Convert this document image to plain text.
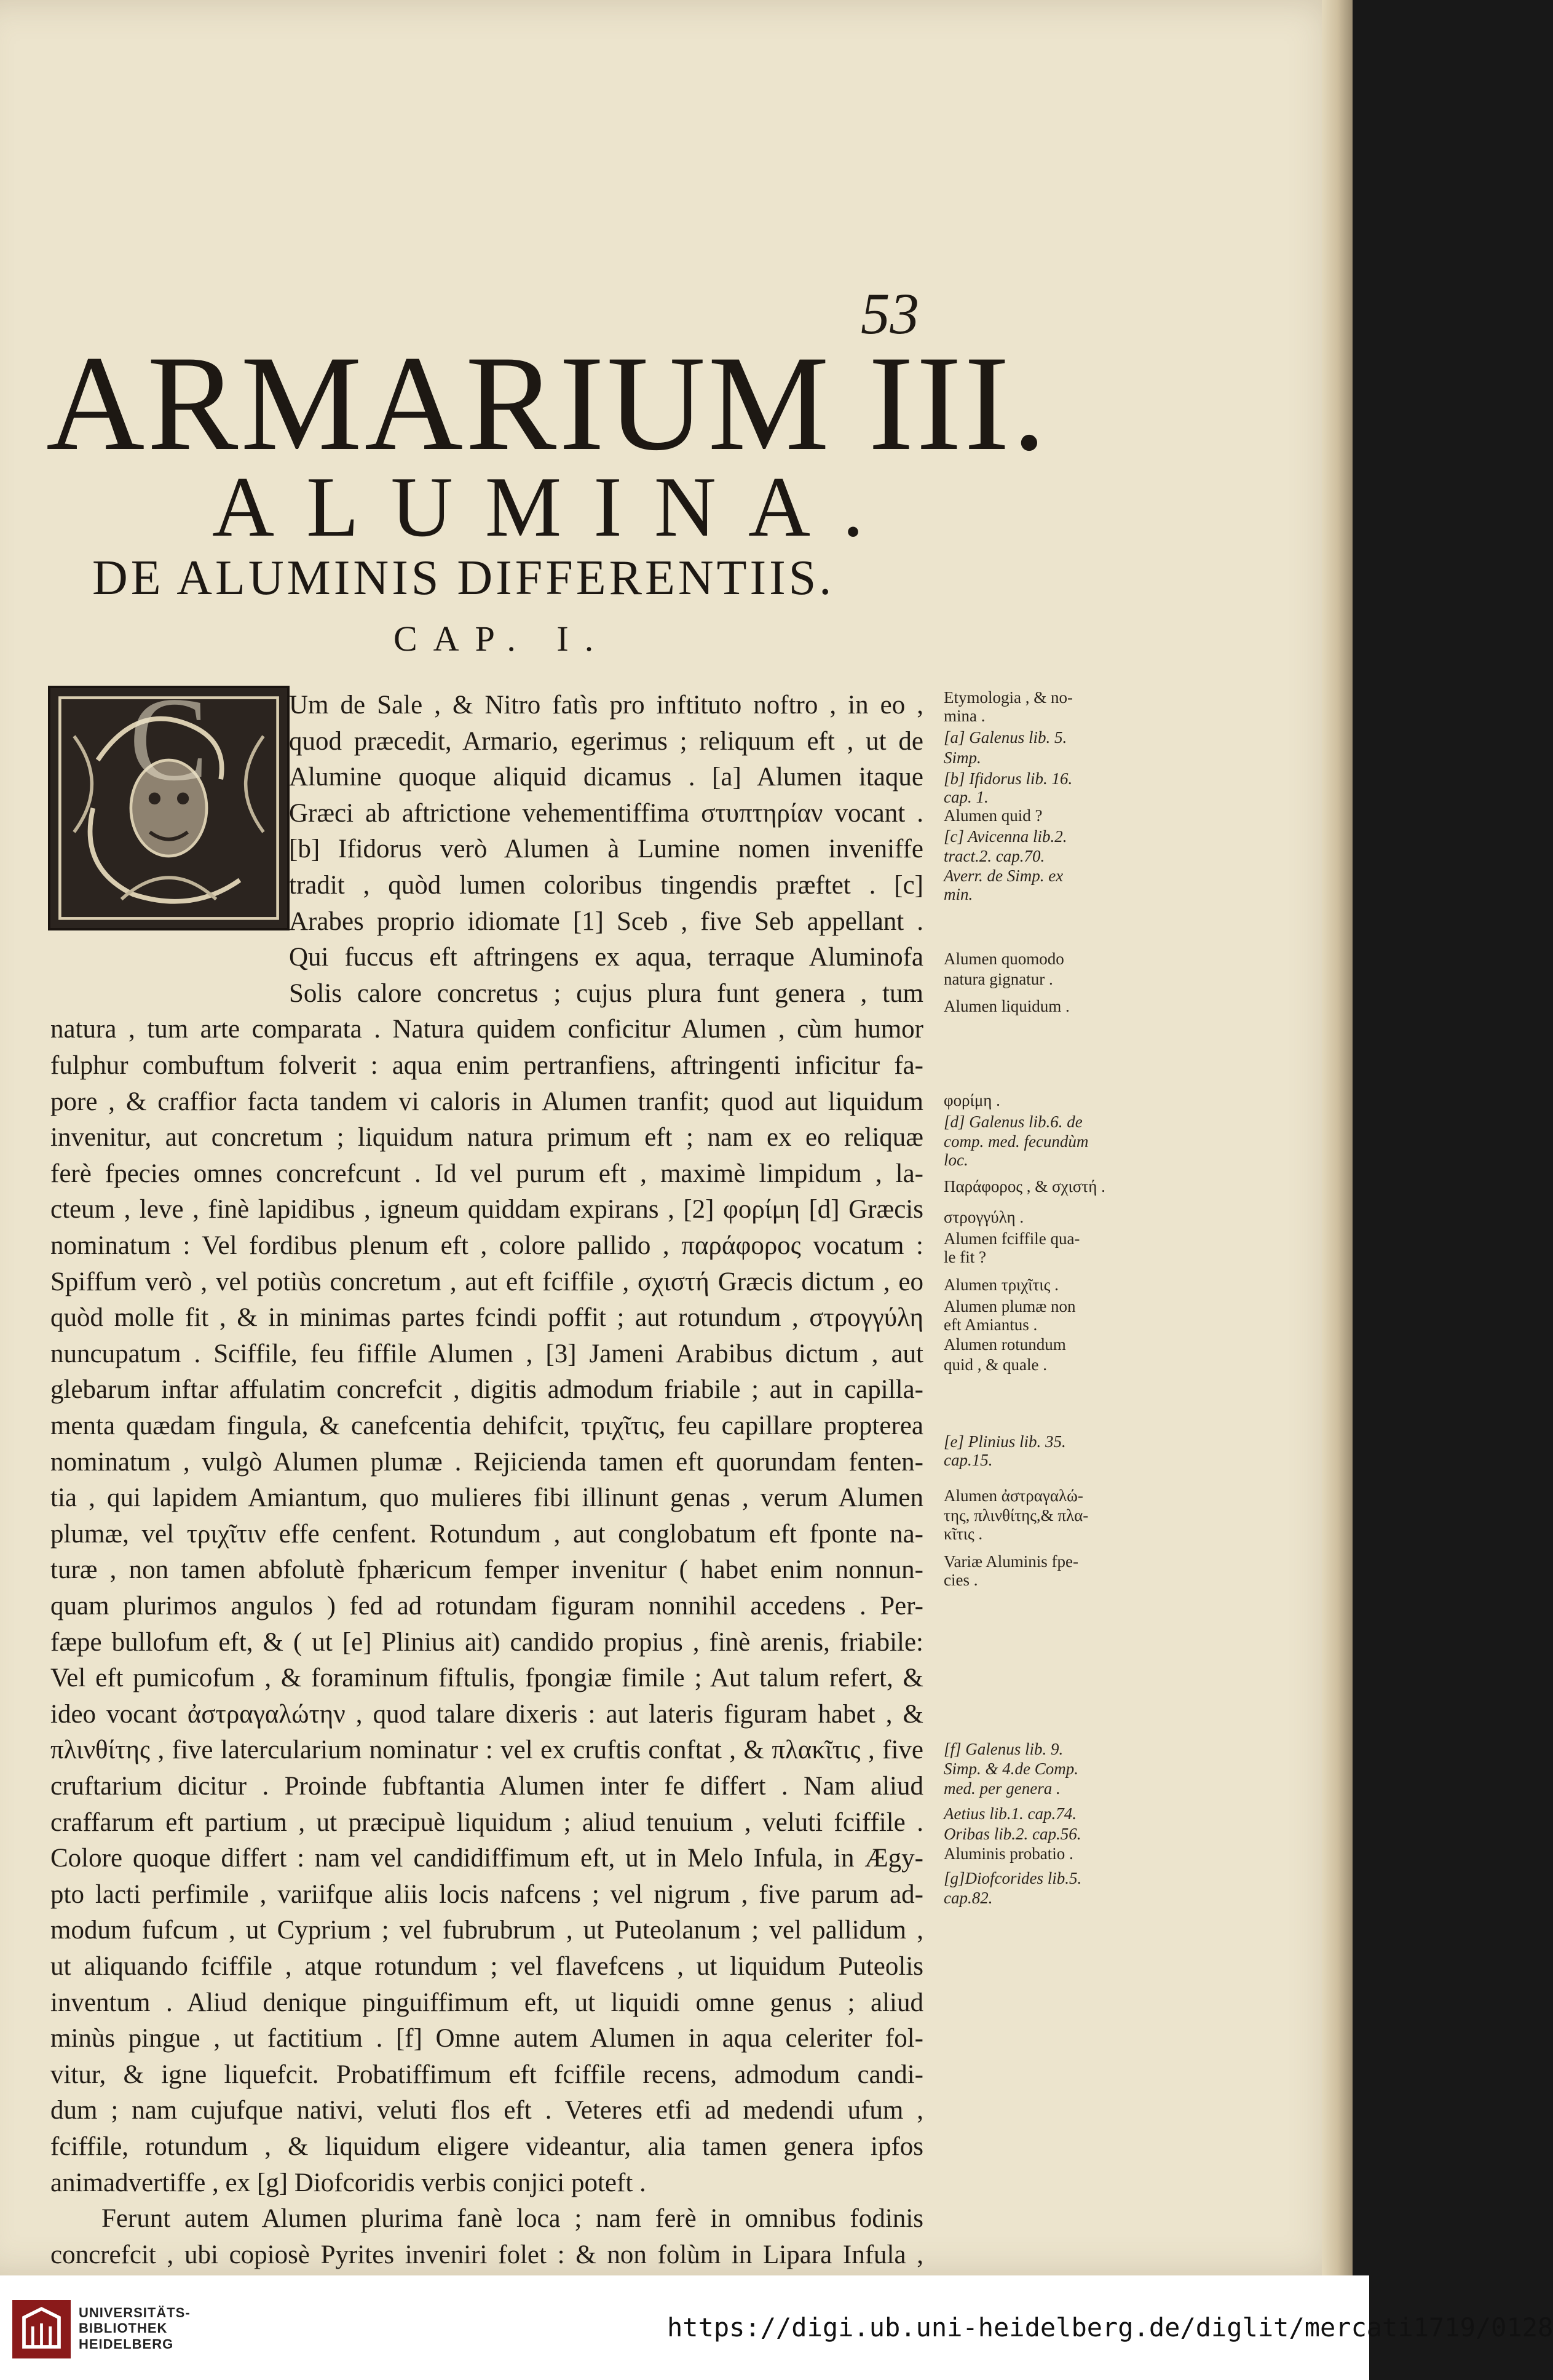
53
ARMARIUM III.
ALUMINA.
DE ALUMINIS DIFFERENTIIS.
CAP. I.
C	Um de Sale , & Nitro fatìs pro inftituto noftro , in eo ,
quod præcedit, Armario, egerimus ; reliquum eft , ut de
Alumine quoque aliquid dicamus . [a] Alumen itaque
Græci ab aftrictione vehementiffima στυπτηρίαν vocant .
[b] Ifidorus verò Alumen à Lumine nomen inveniffe
tradit , quòd lumen coloribus tingendis præftet . [c]
Arabes proprio idiomate [1] Sceb , five Seb appellant .
Qui fuccus eft aftringens ex aqua, terraque Aluminofa
Solis calore concretus ; cujus plura funt genera , tum
natura , tum arte comparata . Natura quidem conficitur Alumen , cùm humor
fulphur combuftum folverit : aqua enim pertranfiens, aftringenti inficitur fa-
pore , & craffior facta tandem vi caloris in Alumen tranfit; quod aut liquidum
invenitur, aut concretum ; liquidum natura primum eft ; nam ex eo reliquæ
ferè fpecies omnes concrefcunt . Id vel purum eft , maximè limpidum , la-
cteum , leve , finè lapidibus , igneum quiddam expirans , [2] φορίμη [d] Græcis
nominatum : Vel fordibus plenum eft , colore pallido , παράφορος vocatum :
Spiffum verò , vel potiùs concretum , aut eft fciffile , σχιστή Græcis dictum , eo
quòd molle fit , & in minimas partes fcindi poffit ; aut rotundum , στρογγύλη
nuncupatum . Sciffile, feu fiffile Alumen , [3] Jameni Arabibus dictum , aut
glebarum inftar affulatim concrefcit , digitis admodum friabile ; aut in capilla-
menta quædam fingula, & canefcentia dehifcit, τριχῖτις, feu capillare propterea
nominatum , vulgò Alumen plumæ . Rejicienda tamen eft quorundam fenten-
tia , qui lapidem Amiantum, quo mulieres fibi illinunt genas , verum Alumen
plumæ, vel τριχῖτιν effe cenfent. Rotundum , aut conglobatum eft fponte na-
turæ , non tamen abfolutè fphæricum femper invenitur ( habet enim nonnun-
quam plurimos angulos ) fed ad rotundam figuram nonnihil accedens . Per-
fæpe bullofum eft, & ( ut [e] Plinius ait) candido propius , finè arenis, friabile:
Vel eft pumicofum , & foraminum fiftulis, fpongiæ fimile ; Aut talum refert, &
ideo vocant ἀστραγαλώτην , quod talare dixeris : aut lateris figuram habet , &
πλινθίτης , five latercularium nominatur : vel ex cruftis conftat , & πλακῖτις , five
cruftarium dicitur . Proinde fubftantia Alumen inter fe differt . Nam aliud
craffarum eft partium , ut præcipuè liquidum ; aliud tenuium , veluti fciffile .
Colore quoque differt : nam vel candidiffimum eft, ut in Melo Infula, in Ægy-
pto lacti perfimile , variifque aliis locis nafcens ; vel nigrum , five parum ad-
modum fufcum , ut Cyprium ; vel fubrubrum , ut Puteolanum ; vel pallidum ,
ut aliquando fciffile , atque rotundum ; vel flavefcens , ut liquidum Puteolis
inventum . Aliud denique pinguiffimum eft, ut liquidi omne genus ; aliud
minùs pingue , ut factitium . [f] Omne autem Alumen in aqua celeriter fol-
vitur, & igne liquefcit. Probatiffimum eft fciffile recens, admodum candi-
dum ; nam cujufque nativi, veluti flos eft . Veteres etfi ad medendi ufum ,
fciffile, rotundum , & liquidum eligere videantur, alia tamen genera ipfos
animadvertiffe , ex [g] Diofcoridis verbis conjici poteft .
Ferunt autem Alumen plurima fanè loca ; nam ferè in omnibus fodinis
concrefcit , ubi copiosè Pyrites inveniri folet : & non folùm in Lipara Infula ,
Etymologia , & no-
mina .
[a] Galenus lib. 5.
Simp.
[b] Ifidorus lib. 16.
cap. 1.
Alumen quid ?
[c] Avicenna lib.2.
tract.2. cap.70.
Averr. de Simp. ex
min.
Alumen quomodo
natura gignatur .
Alumen liquidum .
φορίμη .
[d] Galenus lib.6. de
comp. med. fecundùm
loc.
Παράφορος , & σχιστή .
στρογγύλη .
Alumen fciffile qua-
le fit ?
Alumen τριχῖτις .
Alumen plumæ non
eft Amiantus .
Alumen rotundum
quid , & quale .
[e] Plinius lib. 35.
cap.15.
Alumen ἀστραγαλώ-
της, πλινθίτης,& πλα-
κῖτις .
Variæ Aluminis fpe-
cies .
[f] Galenus lib. 9.
Simp. & 4.de Comp.
med. per genera .
Aetius lib.1. cap.74.
Oribas lib.2. cap.56.
Aluminis probatio .
[g]Diofcorides lib.5.
cap.82.
UNIVERSITÄTS-
BIBLIOTHEK
HEIDELBERG
https://digi.ub.uni-heidelberg.de/diglit/mercati1719/0128
